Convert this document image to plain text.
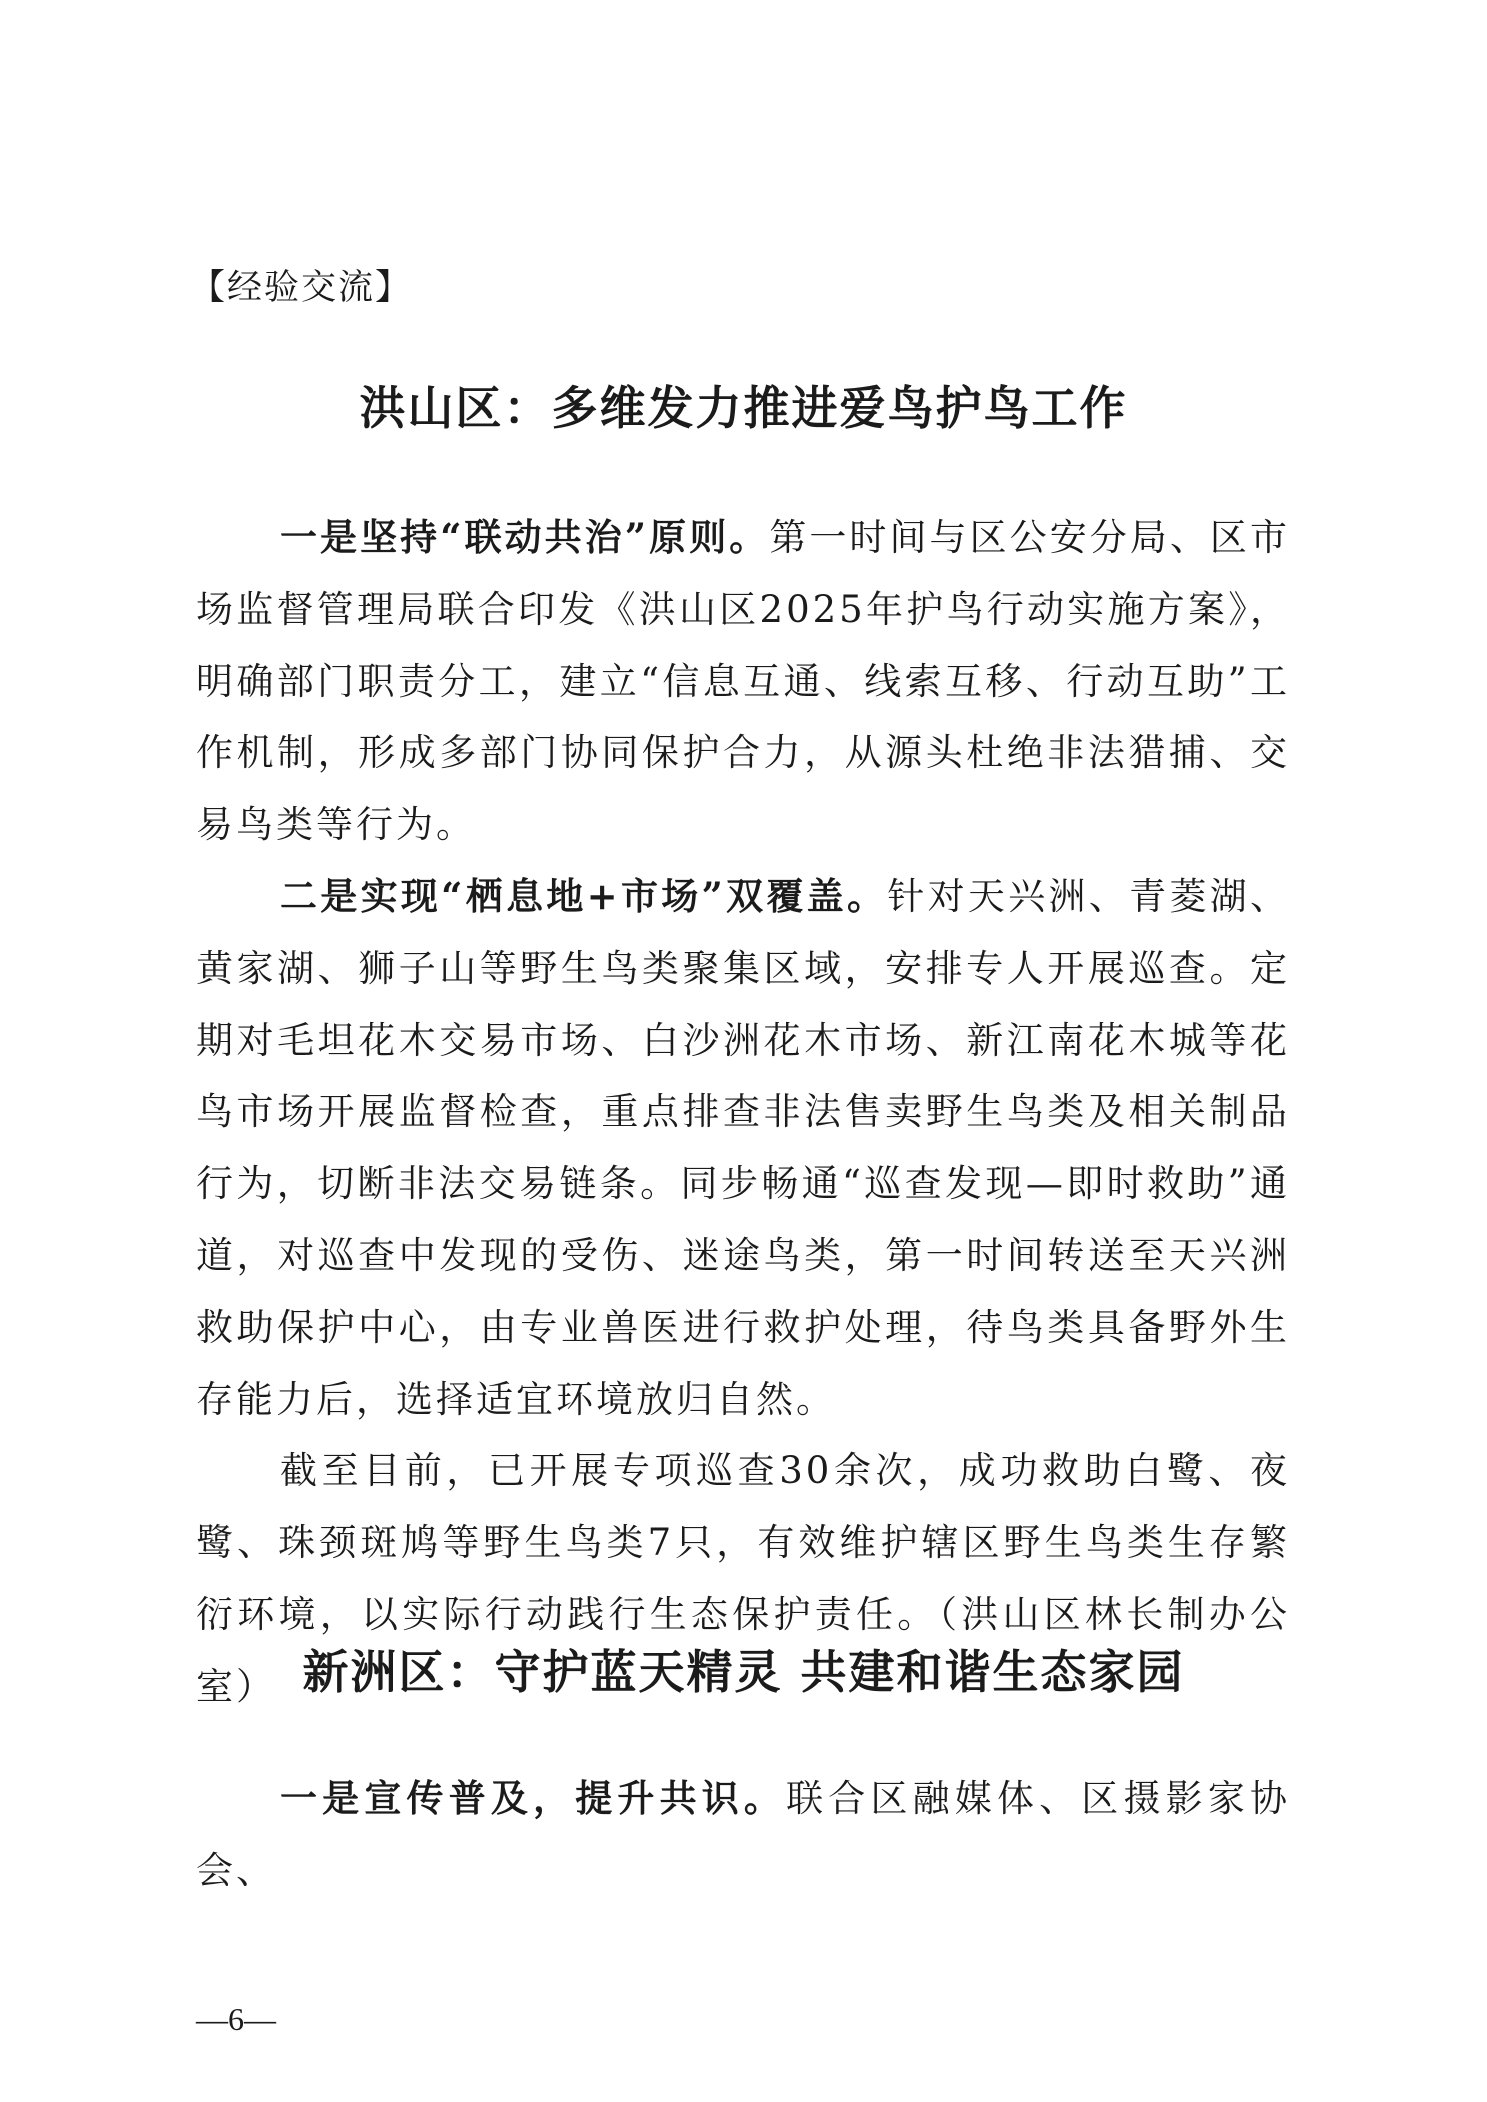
【经验交流】
洪山区：多维发力推进爱鸟护鸟工作

一是坚持“联动共治”原则。第一时间与区公安分局、区市场监督管理局联合印发《洪山区2025年护鸟行动实施方案》，明确部门职责分工，建立“信息互通、线索互移、行动互助”工作机制，形成多部门协同保护合力，从源头杜绝非法猎捕、交易鸟类等行为。

二是实现“栖息地+市场”双覆盖。针对天兴洲、青菱湖、黄家湖、狮子山等野生鸟类聚集区域，安排专人开展巡查。定期对毛坦花木交易市场、白沙洲花木市场、新江南花木城等花鸟市场开展监督检查，重点排查非法售卖野生鸟类及相关制品行为，切断非法交易链条。同步畅通“巡查发现—即时救助”通道，对巡查中发现的受伤、迷途鸟类，第一时间转送至天兴洲救助保护中心，由专业兽医进行救护处理，待鸟类具备野外生存能力后，选择适宜环境放归自然。

截至目前，已开展专项巡查30余次，成功救助白鹭、夜鹭、珠颈斑鸠等野生鸟类7只，有效维护辖区野生鸟类生存繁衍环境，以实际行动践行生态保护责任。（洪山区林长制办公室） 新洲区：守护蓝天精灵 共建和谐生态家园

一是宣传普及，提升共识。联合区融媒体、区摄影家协会、

—6—
